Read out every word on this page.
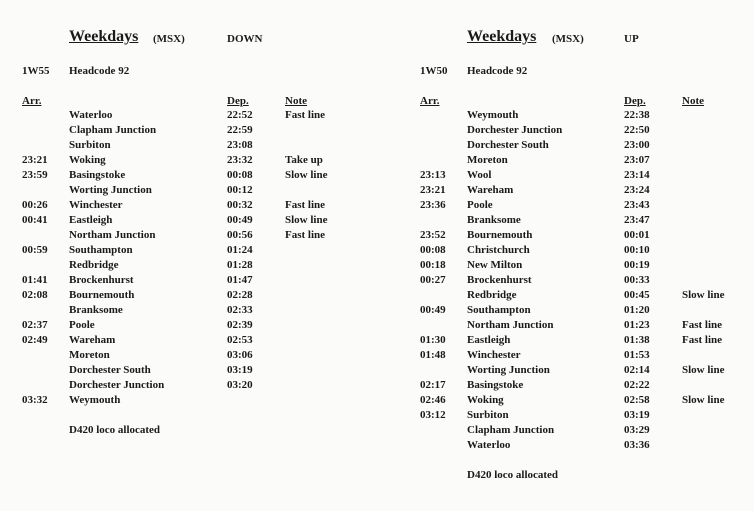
Weekdays (MSX)	DOWN
1W55 Headcode 92
Arr.	Dep.	Note
Waterloo	22:52	Fast line
Clapham Junction	22:59
Surbiton	23:08
23:21 Woking	23:32	Take up
23:59 Basingstoke	00:08	Slow line
Worting Junction	00:12
00:26 Winchester	00:32	Fast line
00:41 Eastleigh	00:49	Slow line
Northam Junction	00:56	Fast line
00:59 Southampton	01:24
Redbridge	01:28
01:41 Brockenhurst	01:47
02:08 Bournemouth	02:28
Branksome	02:33
02:37 Poole	02:39
02:49 Wareham	02:53
Moreton	03:06
Dorchester South	03:19
Dorchester Junction	03:20
03:32 Weymouth
D420 loco allocated
Weekdays (MSX)	UP
1W50 Headcode 92
Arr.	Dep.	Note
Weymouth	22:38
Dorchester Junction	22:50
Dorchester South	23:00
Moreton	23:07
23:13 Wool	23:14
23:21 Wareham	23:24
23:36 Poole	23:43
Branksome	23:47
23:52 Bournemouth	00:01
00:08 Christchurch	00:10
00:18 New Milton	00:19
00:27 Brockenhurst	00:33
Redbridge	00:45	Slow line
00:49 Southampton	01:20
Northam Junction	01:23	Fast line
01:30 Eastleigh	01:38	Fast line
01:48 Winchester	01:53
Worting Junction	02:14	Slow line
02:17 Basingstoke	02:22
02:46 Woking	02:58	Slow line
03:12 Surbiton	03:19
Clapham Junction	03:29
Waterloo	03:36
D420 loco allocated
